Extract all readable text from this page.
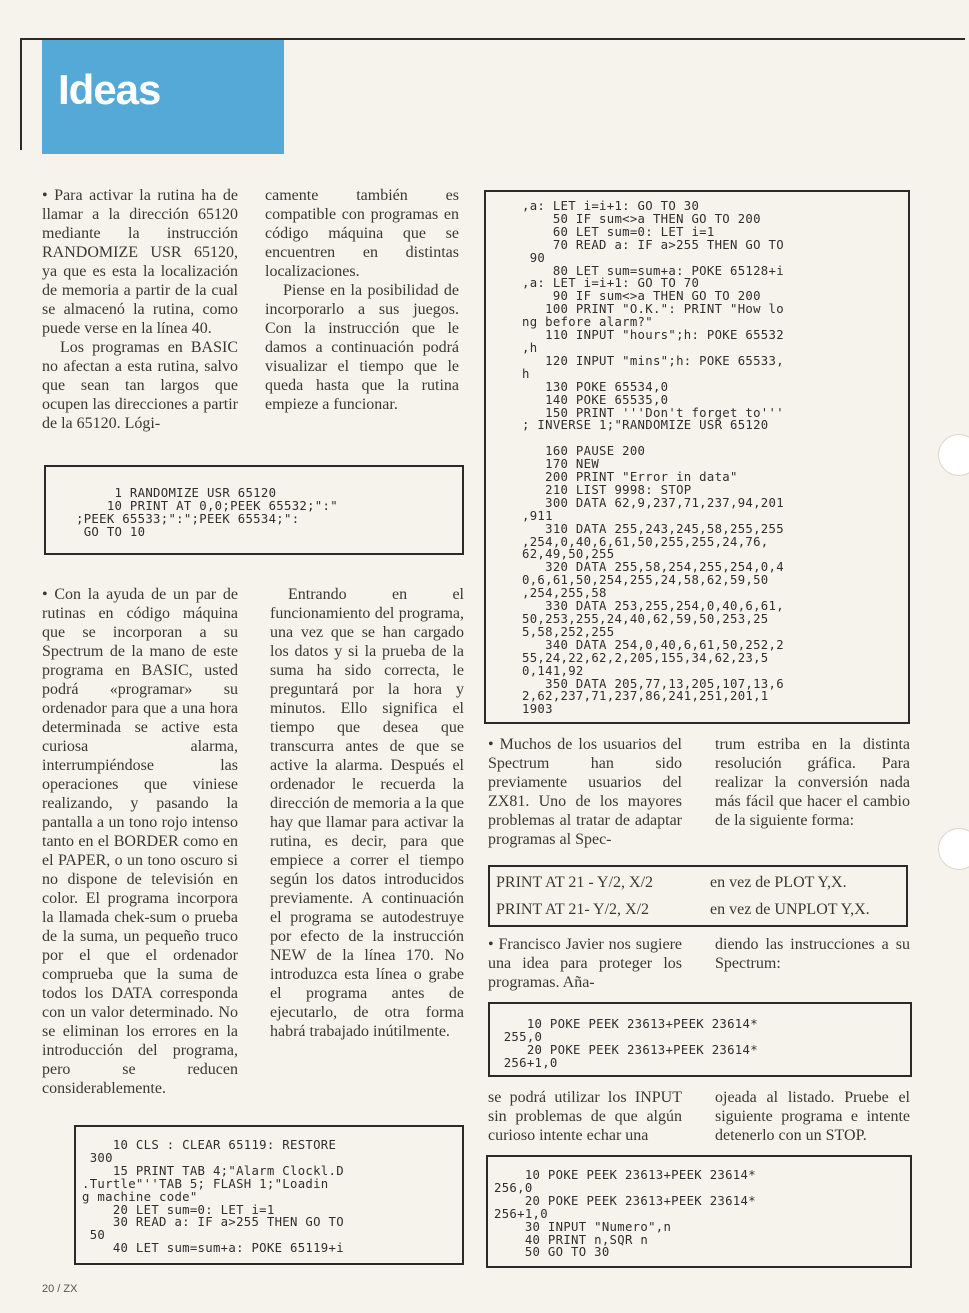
Ideas

• Para activar la rutina ha de llamar a la dirección 65120 mediante la instrucción RANDOMIZE USR 65120, ya que es esta la localización de memoria a partir de la cual se almacenó la rutina, como puede verse en la línea 40.

Los programas en BASIC no afectan a esta rutina, salvo que sean tan largos que ocupen las direcciones a partir de la 65120. Lógi-

camente también es compatible con programas en código máquina que se encuentren en distintas localizaciones.

Piense en la posibilidad de incorporarlo a sus juegos. Con la instrucción que le damos a continuación podrá visualizar el tiempo que le queda hasta que la rutina empieze a funcionar.

1 RANDOMIZE USR 65120
10 PRINT AT 0,0;PEEK 65532;":"
;PEEK 65533;":";PEEK 65534;":
GO TO 10

• Con la ayuda de un par de rutinas en código máquina que se incorporan a su Spectrum de la mano de este programa en BASIC, usted podrá «programar» su ordenador para que a una hora determinada se active esta curiosa alarma, interrumpiéndose las operaciones que viniese realizando, y pasando la pantalla a un tono rojo intenso tanto en el BORDER como en el PAPER, o un tono oscuro si no dispone de televisión en color. El programa incorpora la llamada chek-sum o prueba de la suma, un pequeño truco por el que el ordenador comprueba que la suma de todos los DATA corresponda con un valor determinado. No se eliminan los errores en la introducción del programa, pero se reducen considerablemente.

Entrando en el funcionamiento del programa, una vez que se han cargado los datos y si la prueba de la suma ha sido correcta, le preguntará por la hora y minutos. Ello significa el tiempo que desea que transcurra antes de que se active la alarma. Después el ordenador le recuerda la dirección de memoria a la que hay que llamar para activar la rutina, es decir, para que empiece a correr el tiempo según los datos introducidos previamente. A continuación el programa se autodestruye por efecto de la instrucción NEW de la línea 170. No introduzca esta línea o grabe el programa antes de ejecutarlo, de otra forma habrá trabajado inútilmente.

10 CLS : CLEAR 65119: RESTORE
300
15 PRINT TAB 4;"Alarm Clockl.D
.Turtle"''TAB 5; FLASH 1;"Loadin
g machine code"
20 LET sum=0: LET i=1
30 READ a: IF a>255 THEN GO TO
50
40 LET sum=sum+a: POKE 65119+i
,a: LET i=i+1: GO TO 30
50 IF sum<>a THEN GO TO 200
60 LET sum=0: LET i=1
70 READ a: IF a>255 THEN GO TO
90
80 LET sum=sum+a: POKE 65128+i
,a: LET i=i+1: GO TO 70
90 IF sum<>a THEN GO TO 200
100 PRINT "O.K.": PRINT "How lo
ng before alarm?"
110 INPUT "hours";h: POKE 65532
,h
120 INPUT "mins";h: POKE 65533,
h
130 POKE 65534,0
140 POKE 65535,0
150 PRINT '''Don't forget to'''
; INVERSE 1;"RANDOMIZE USR 65120

160 PAUSE 200
170 NEW
200 PRINT "Error in data"
210 LIST 9998: STOP
300 DATA 62,9,237,71,237,94,201
,911
310 DATA 255,243,245,58,255,255
,254,0,40,6,61,50,255,255,24,76,
62,49,50,255
320 DATA 255,58,254,255,254,0,4
0,6,61,50,254,255,24,58,62,59,50
,254,255,58
330 DATA 253,255,254,0,40,6,61,
50,253,255,24,40,62,59,50,253,25
5,58,252,255
340 DATA 254,0,40,6,61,50,252,2
55,24,22,62,2,205,155,34,62,23,5
0,141,92
350 DATA 205,77,13,205,107,13,6
2,62,237,71,237,86,241,251,201,1
1903

• Muchos de los usuarios del Spectrum han sido previamente usuarios del ZX81. Uno de los mayores problemas al tratar de adaptar programas al Spec-

trum estriba en la distinta resolución gráfica. Para realizar la conversión nada más fácil que hacer el cambio de la siguiente forma:

PRINT AT 21 - Y/2, X/2	en vez de PLOT Y,X.
PRINT AT 21- Y/2, X/2	en vez de UNPLOT Y,X.

• Francisco Javier nos sugiere una idea para proteger los programas. Aña-

diendo las instrucciones a su Spectrum:

10 POKE PEEK 23613+PEEK 23614*
255,0
20 POKE PEEK 23613+PEEK 23614*
256+1,0

se podrá utilizar los INPUT sin problemas de que algún curioso intente echar una

ojeada al listado. Pruebe el siguiente programa e intente detenerlo con un STOP.

10 POKE PEEK 23613+PEEK 23614*
256,0
20 POKE PEEK 23613+PEEK 23614*
256+1,0
30 INPUT "Numero",n
40 PRINT n,SQR n
50 GO TO 30
20 / ZX
